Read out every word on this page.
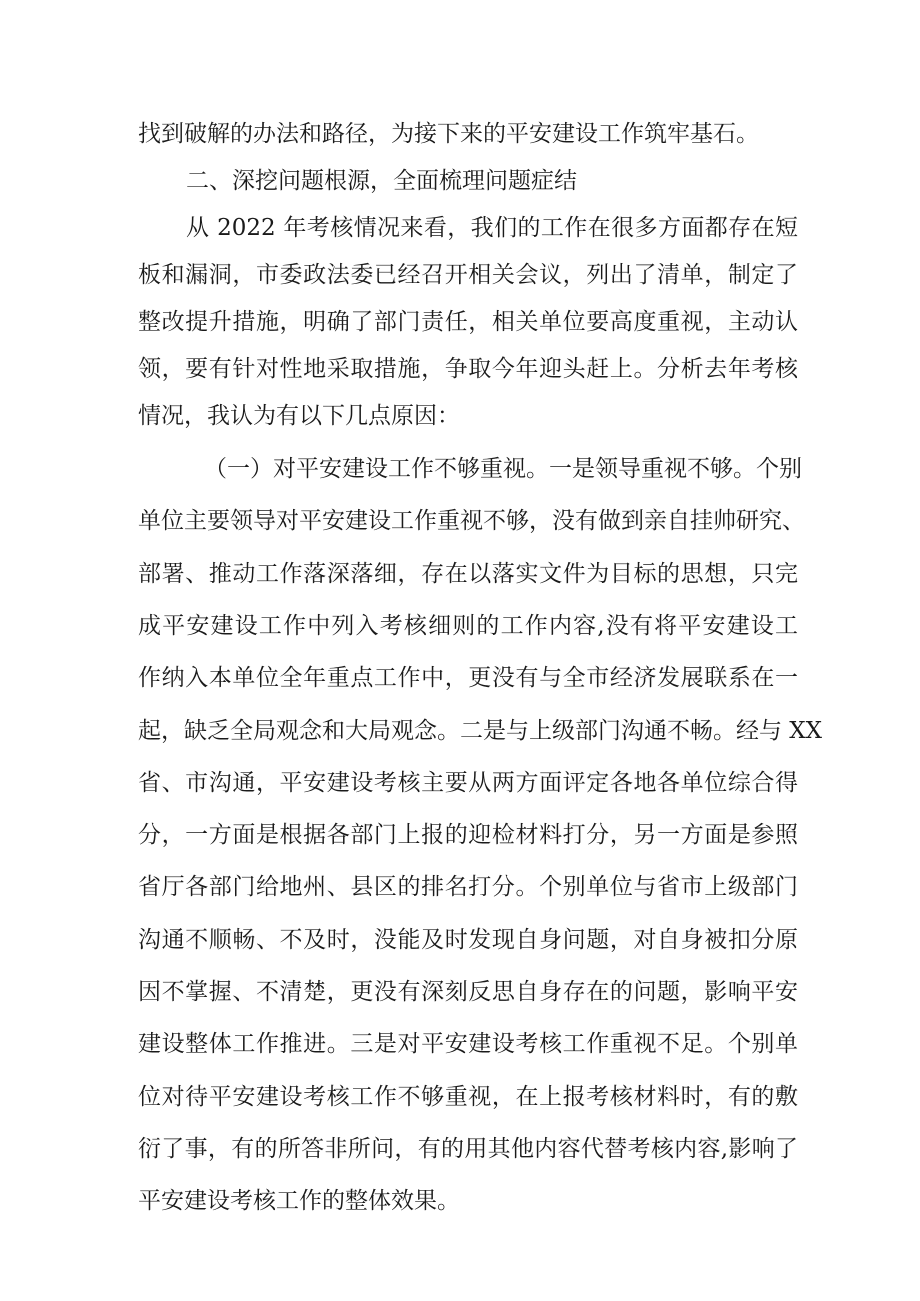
找到破解的办法和路径，为接下来的平安建设工作筑牢基石。
二、深挖问题根源，全面梳理问题症结
从 2022 年考核情况来看，我们的工作在很多方面都存在短
板和漏洞，市委政法委已经召开相关会议，列出了清单，制定了
整改提升措施，明确了部门责任，相关单位要高度重视，主动认
领，要有针对性地采取措施，争取今年迎头赶上。分析去年考核
情况，我认为有以下几点原因：
（一）对平安建设工作不够重视。一是领导重视不够。个别
单位主要领导对平安建设工作重视不够，没有做到亲自挂帅研究、
部署、推动工作落深落细，存在以落实文件为目标的思想，只完
成平安建设工作中列入考核细则的工作内容,没有将平安建设工
作纳入本单位全年重点工作中，更没有与全市经济发展联系在一
起，缺乏全局观念和大局观念。二是与上级部门沟通不畅。经与 XX
省、市沟通，平安建设考核主要从两方面评定各地各单位综合得
分，一方面是根据各部门上报的迎检材料打分，另一方面是参照
省厅各部门给地州、县区的排名打分。个别单位与省市上级部门
沟通不顺畅、不及时，没能及时发现自身问题，对自身被扣分原
因不掌握、不清楚，更没有深刻反思自身存在的问题，影响平安
建设整体工作推进。三是对平安建设考核工作重视不足。个别单
位对待平安建设考核工作不够重视，在上报考核材料时，有的敷
衍了事，有的所答非所问，有的用其他内容代替考核内容,影响了
平安建设考核工作的整体效果。
